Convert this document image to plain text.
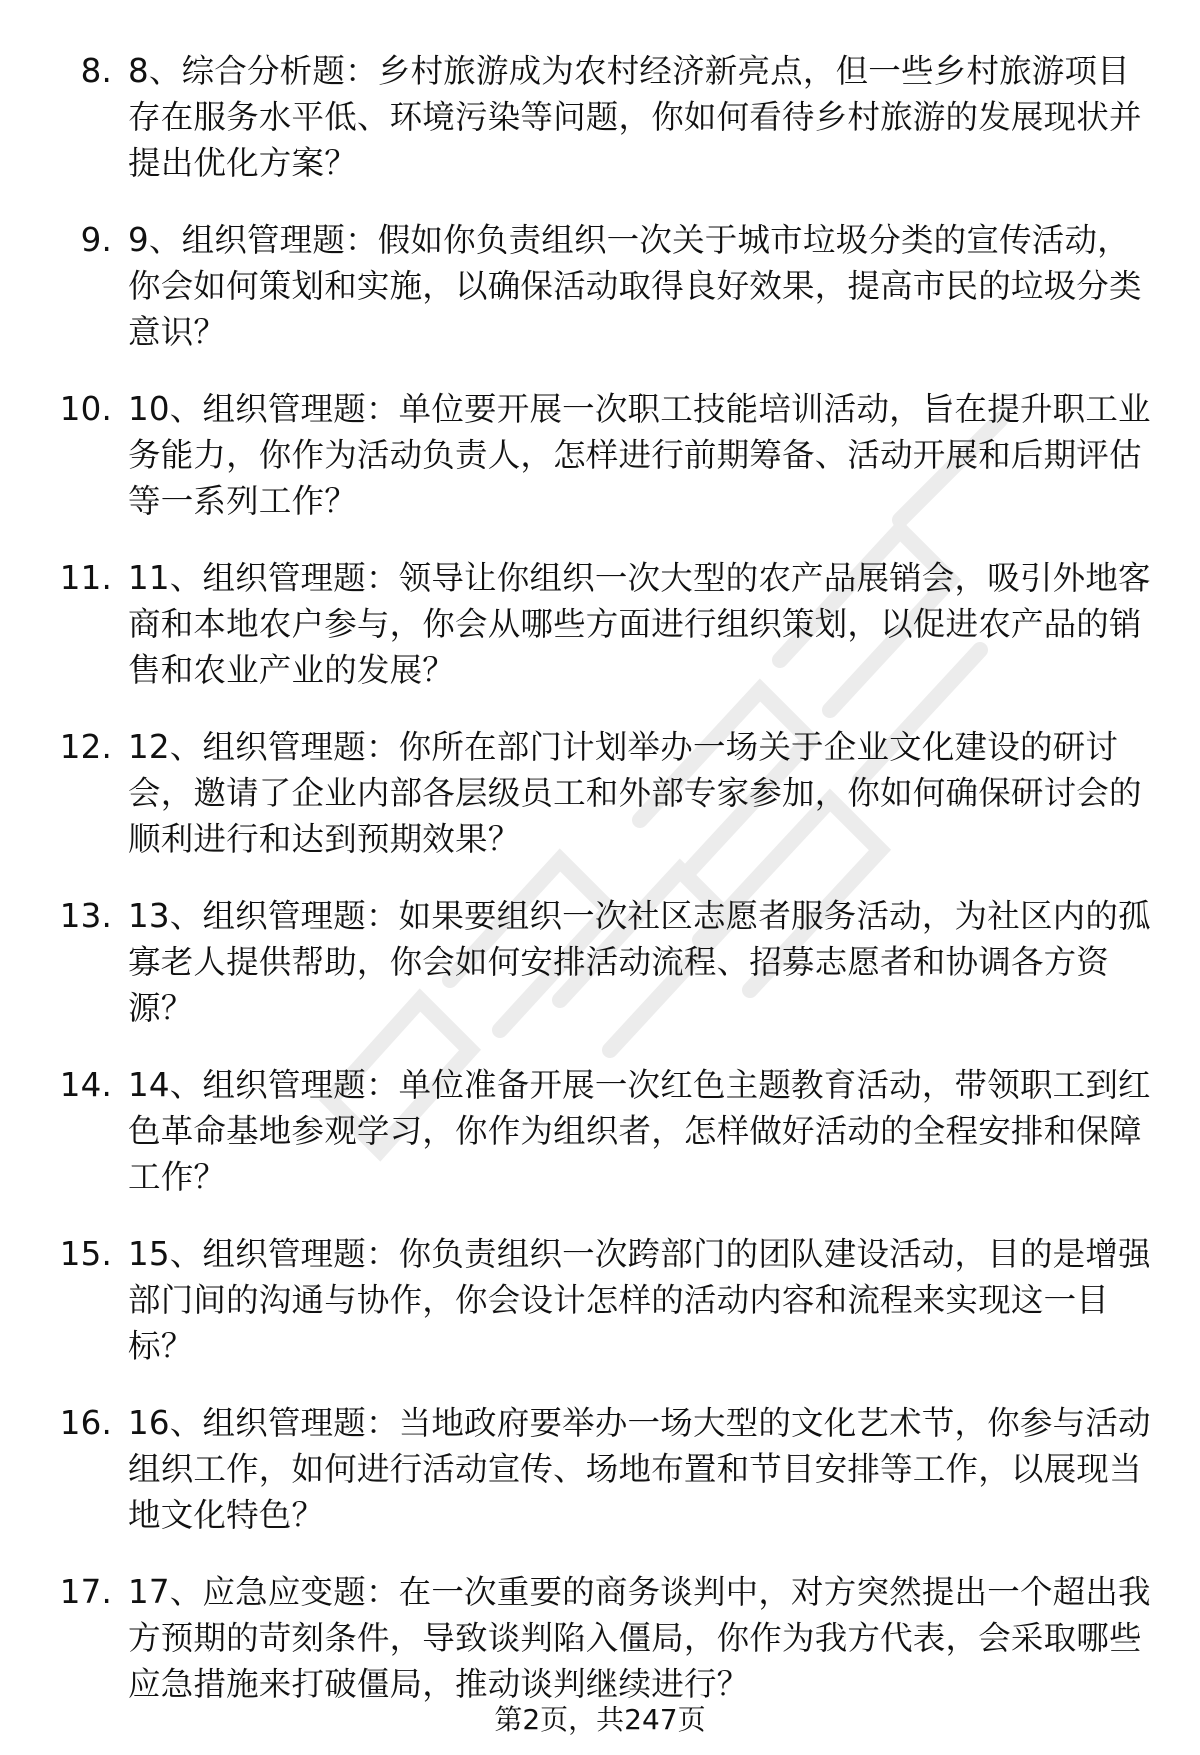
8. 8、综合分析题：乡村旅游成为农村经济新亮点，但一些乡村旅游项目存在服务水平低、环境污染等问题，你如何看待乡村旅游的发展现状并提出优化方案？
9. 9、组织管理题：假如你负责组织一次关于城市垃圾分类的宣传活动，你会如何策划和实施，以确保活动取得良好效果，提高市民的垃圾分类意识？
10. 10、组织管理题：单位要开展一次职工技能培训活动，旨在提升职工业务能力，你作为活动负责人，怎样进行前期筹备、活动开展和后期评估等一系列工作？
11. 11、组织管理题：领导让你组织一次大型的农产品展销会，吸引外地客商和本地农户参与，你会从哪些方面进行组织策划，以促进农产品的销售和农业产业的发展？
12. 12、组织管理题：你所在部门计划举办一场关于企业文化建设的研讨会，邀请了企业内部各层级员工和外部专家参加，你如何确保研讨会的顺利进行和达到预期效果？
13. 13、组织管理题：如果要组织一次社区志愿者服务活动，为社区内的孤寡老人提供帮助，你会如何安排活动流程、招募志愿者和协调各方资源？
14. 14、组织管理题：单位准备开展一次红色主题教育活动，带领职工到红色革命基地参观学习，你作为组织者，怎样做好活动的全程安排和保障工作？
15. 15、组织管理题：你负责组织一次跨部门的团队建设活动，目的是增强部门间的沟通与协作，你会设计怎样的活动内容和流程来实现这一目标？
16. 16、组织管理题：当地政府要举办一场大型的文化艺术节，你参与活动组织工作，如何进行活动宣传、场地布置和节目安排等工作，以展现当地文化特色？
17. 17、应急应变题：在一次重要的商务谈判中，对方突然提出一个超出我方预期的苛刻条件，导致谈判陷入僵局，你作为我方代表，会采取哪些应急措施来打破僵局，推动谈判继续进行？
第2页，共247页
